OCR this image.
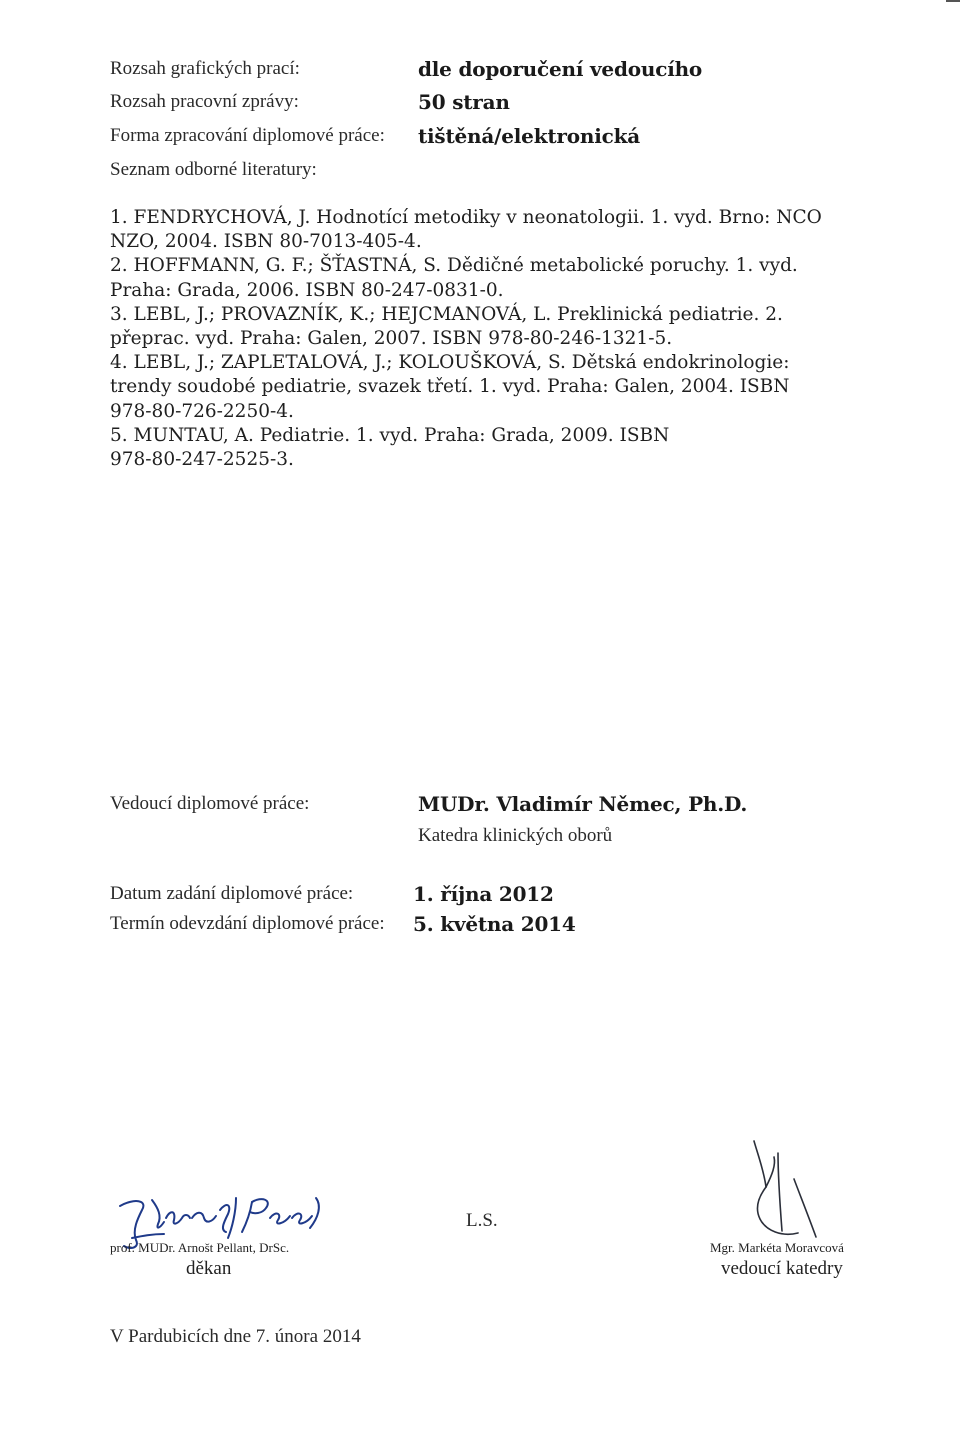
Rozsah grafických prací:	dle doporučení vedoucího
Rozsah pracovní zprávy:	50 stran
Forma zpracování diplomové práce: tištěná/elektronická
Seznam odborné literatury:
1. FENDRYCHOVÁ, J. Hodnotící metodiky v neonatologii. 1. vyd. Brno: NCO
NZO, 2004. ISBN 80-7013-405-4.
2. HOFFMANN, G. F.; ŠŤASTNÁ, S. Dědičné metabolické poruchy. 1. vyd.
Praha: Grada, 2006. ISBN 80-247-0831-0.
3. LEBL, J.; PROVAZNÍK, K.; HEJCMANOVÁ, L. Preklinická pediatrie. 2.
přeprac. vyd. Praha: Galen, 2007. ISBN 978-80-246-1321-5.
4. LEBL, J.; ZAPLETALOVÁ, J.; KOLOUŠKOVÁ, S. Dětská endokrinologie:
trendy soudobé pediatrie, svazek třetí. 1. vyd. Praha: Galen, 2004. ISBN
978-80-726-2250-4.
5. MUNTAU, A. Pediatrie. 1. vyd. Praha: Grada, 2009. ISBN
978-80-247-2525-3.
Vedoucí diplomové práce:	MUDr. Vladimír Němec, Ph.D.
Katedra klinických oborů
Datum zadání diplomové práce:	1. října 2012
Termín odevzdání diplomové práce: 5. května 2014
prof. MUDr. Arnošt Pellant, DrSc.
děkan
L.S.
Mgr. Markéta Moravcová
vedoucí katedry
V Pardubicích dne 7. února 2014
